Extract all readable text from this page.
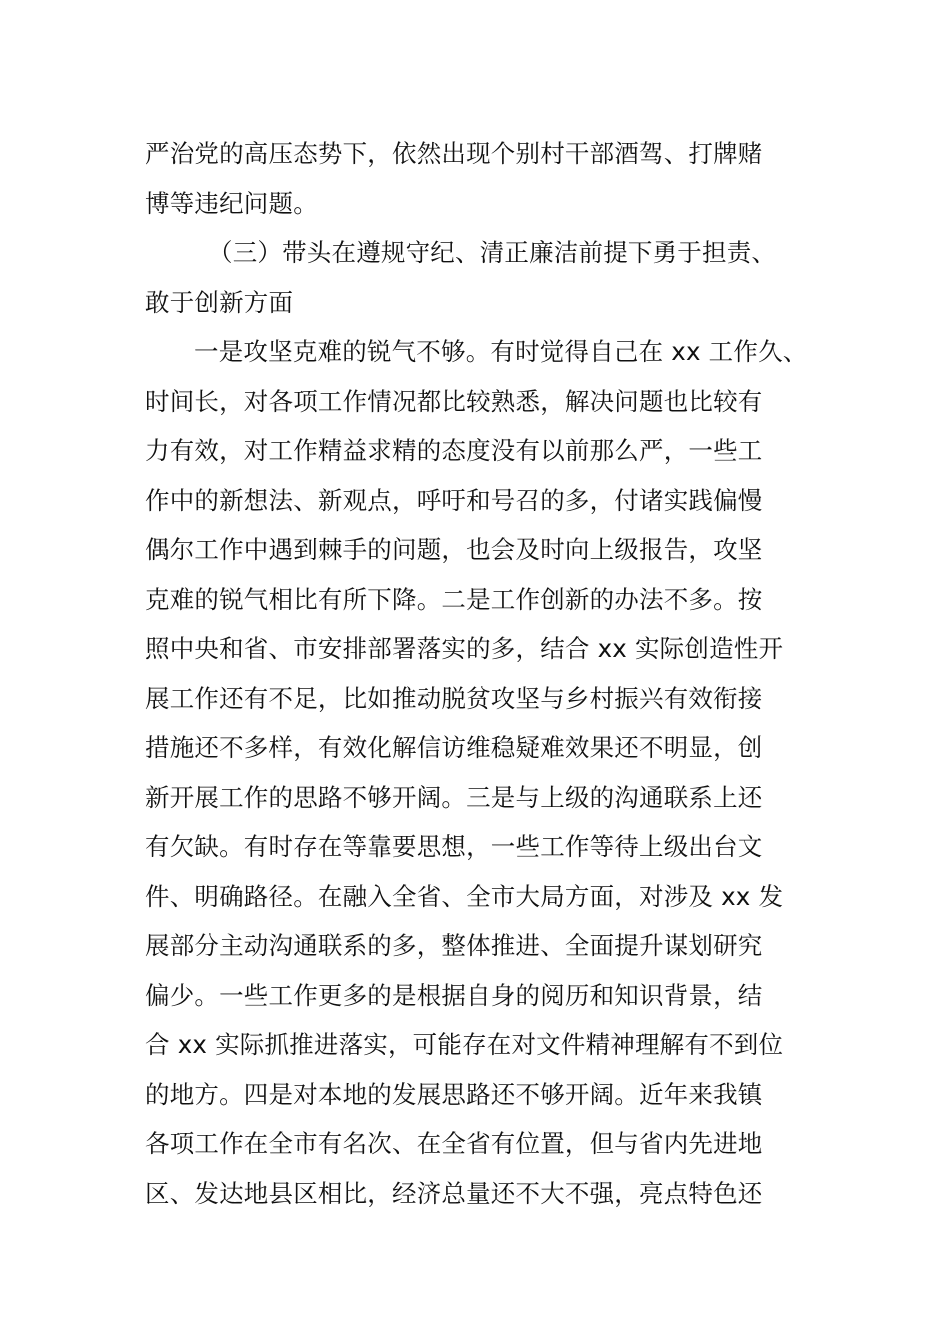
严治党的高压态势下，依然出现个别村干部酒驾、打牌赌
博等违纪问题。
（三）带头在遵规守纪、清正廉洁前提下勇于担责、
敢于创新方面
一是攻坚克难的锐气不够。有时觉得自己在 xx 工作久、
时间长，对各项工作情况都比较熟悉，解决问题也比较有
力有效，对工作精益求精的态度没有以前那么严，一些工
作中的新想法、新观点，呼吁和号召的多，付诸实践偏慢
偶尔工作中遇到棘手的问题，也会及时向上级报告，攻坚
克难的锐气相比有所下降。二是工作创新的办法不多。按
照中央和省、市安排部署落实的多，结合 xx 实际创造性开
展工作还有不足，比如推动脱贫攻坚与乡村振兴有效衔接
措施还不多样，有效化解信访维稳疑难效果还不明显，创
新开展工作的思路不够开阔。三是与上级的沟通联系上还
有欠缺。有时存在等靠要思想，一些工作等待上级出台文
件、明确路径。在融入全省、全市大局方面，对涉及 xx 发
展部分主动沟通联系的多，整体推进、全面提升谋划研究
偏少。一些工作更多的是根据自身的阅历和知识背景，结
合 xx 实际抓推进落实，可能存在对文件精神理解有不到位
的地方。四是对本地的发展思路还不够开阔。近年来我镇
各项工作在全市有名次、在全省有位置，但与省内先进地
区、发达地县区相比，经济总量还不大不强，亮点特色还
